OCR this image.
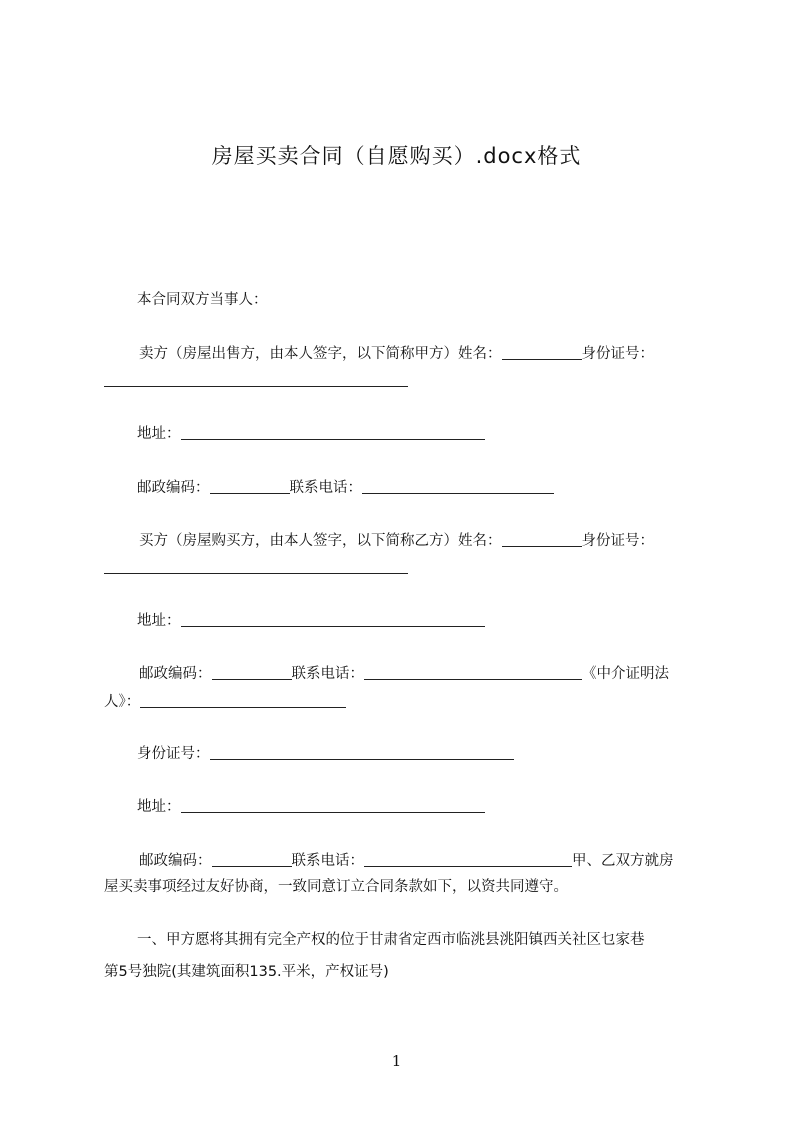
房屋买卖合同（自愿购买）.docx格式
本合同双方当事人：
卖方（房屋出售方，由本人签字，以下简称甲方）姓名：	身份证号：
地址：
邮政编码：	联系电话：
买方（房屋购买方，由本人签字，以下简称乙方）姓名：	身份证号：
地址：
邮政编码：	联系电话：	《中介证明法
人》：
身份证号：
地址：
邮政编码：	联系电话：	甲、乙双方就房
屋买卖事项经过友好协商，一致同意订立合同条款如下，以资共同遵守。
一、甲方愿将其拥有完全产权的位于甘肃省定西市临洮县洮阳镇西关社区乜家巷
第5号独院(其建筑面积135.平米，产权证号)
1
